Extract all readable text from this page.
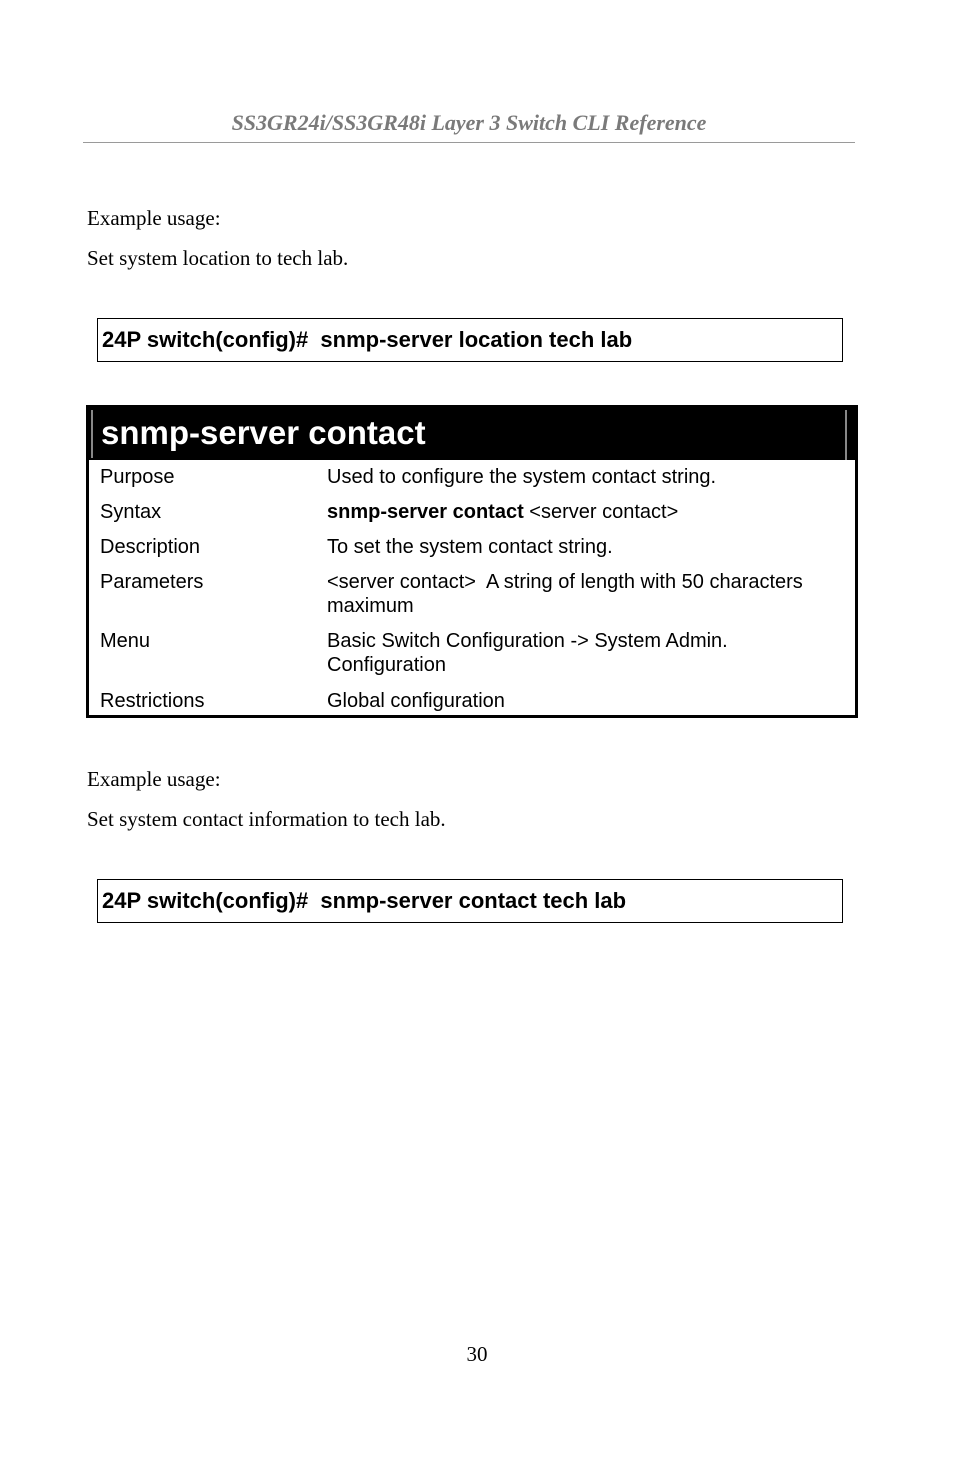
SS3GR24i/SS3GR48i Layer 3 Switch CLI Reference
Example usage:
Set system location to tech lab.
24P switch(config)#  snmp-server location tech lab
snmp-server contact
Purpose	Used to configure the system contact string.
Syntax	snmp-server contact <server contact>
Description	To set the system contact string.
Parameters	<server contact>  A string of length with 50 characters maximum
Menu	Basic Switch Configuration -> System Admin. Configuration
Restrictions	Global configuration
Example usage:
Set system contact information to tech lab.
24P switch(config)#  snmp-server contact tech lab
30
